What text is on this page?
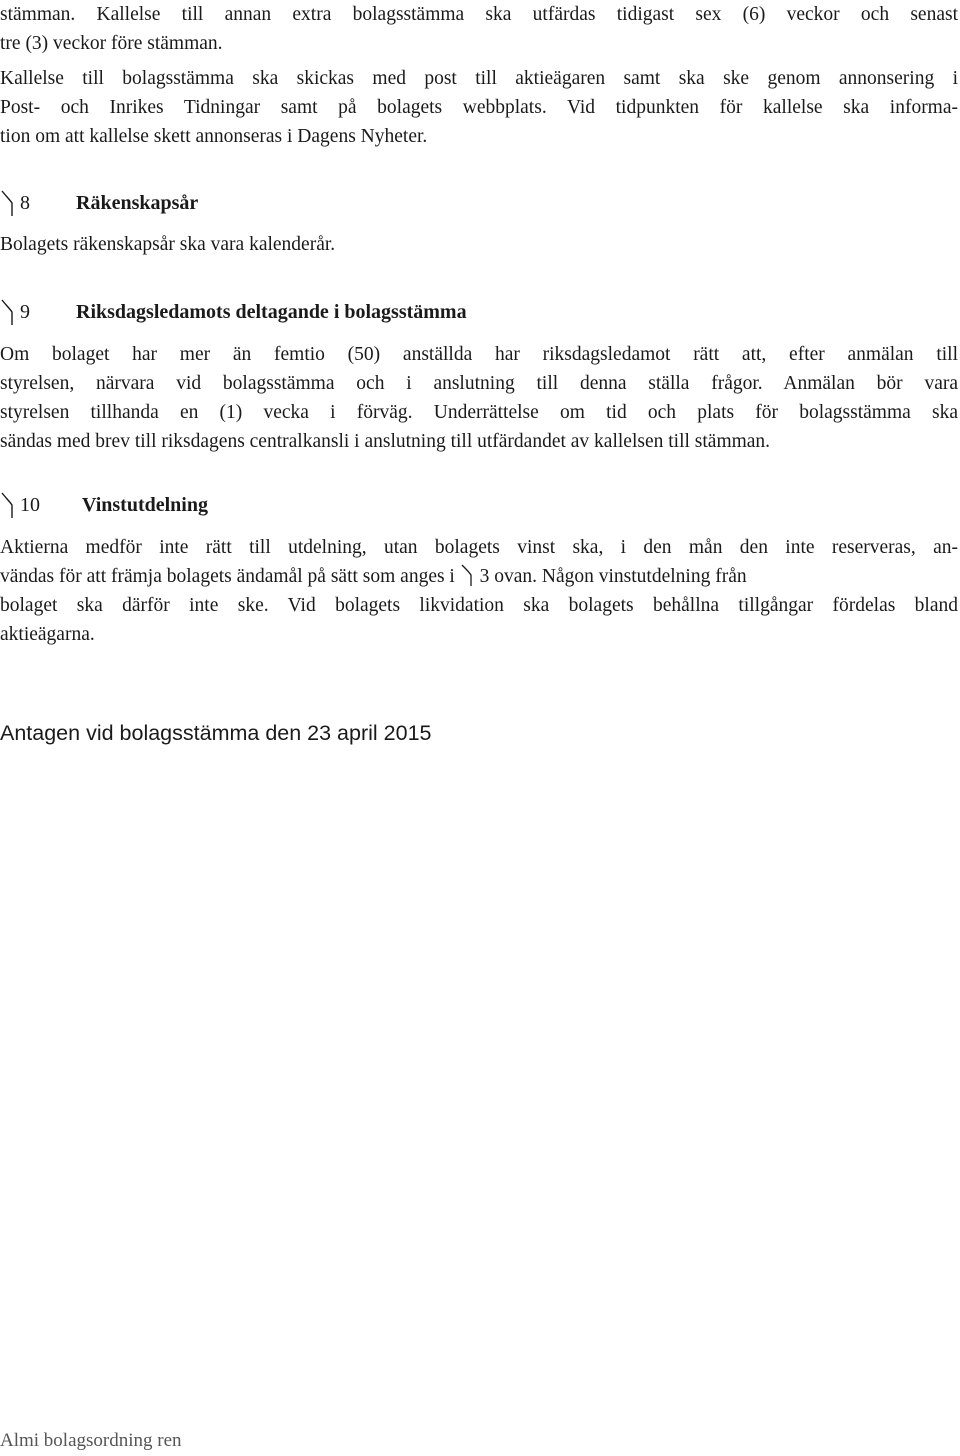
stämman. Kallelse till annan extra bolagsstämma ska utfärdas tidigast sex (6) veckor och senast
tre (3) veckor före stämman.

Kallelse till bolagsstämma ska skickas med post till aktieägaren samt ska ske genom annonsering i
Post- och Inrikes Tidningar samt på bolagets webbplats. Vid tidpunkten för kallelse ska informa-
tion om att kallelse skett annonseras i Dagens Nyheter.

8	Räkenskapsår

Bolagets räkenskapsår ska vara kalenderår.

9	Riksdagsledamots deltagande i bolagsstämma

Om bolaget har mer än femtio (50) anställda har riksdagsledamot rätt att, efter anmälan till
styrelsen, närvara vid bolagsstämma och i anslutning till denna ställa frågor. Anmälan bör vara
styrelsen tillhanda en (1) vecka i förväg. Underrättelse om tid och plats för bolagsstämma ska
sändas med brev till riksdagens centralkansli i anslutning till utfärdandet av kallelsen till stämman.

10	Vinstutdelning

Aktierna medför inte rätt till utdelning, utan bolagets vinst ska, i den mån den inte reserveras, an-
vändas för att främja bolagets ändamål på sätt som anges i 3 ovan. Någon vinstutdelning från
bolaget ska därför inte ske. Vid bolagets likvidation ska bolagets behållna tillgångar fördelas bland
aktieägarna.

Antagen vid bolagsstämma den 23 april 2015
Almi bolagsordning ren
